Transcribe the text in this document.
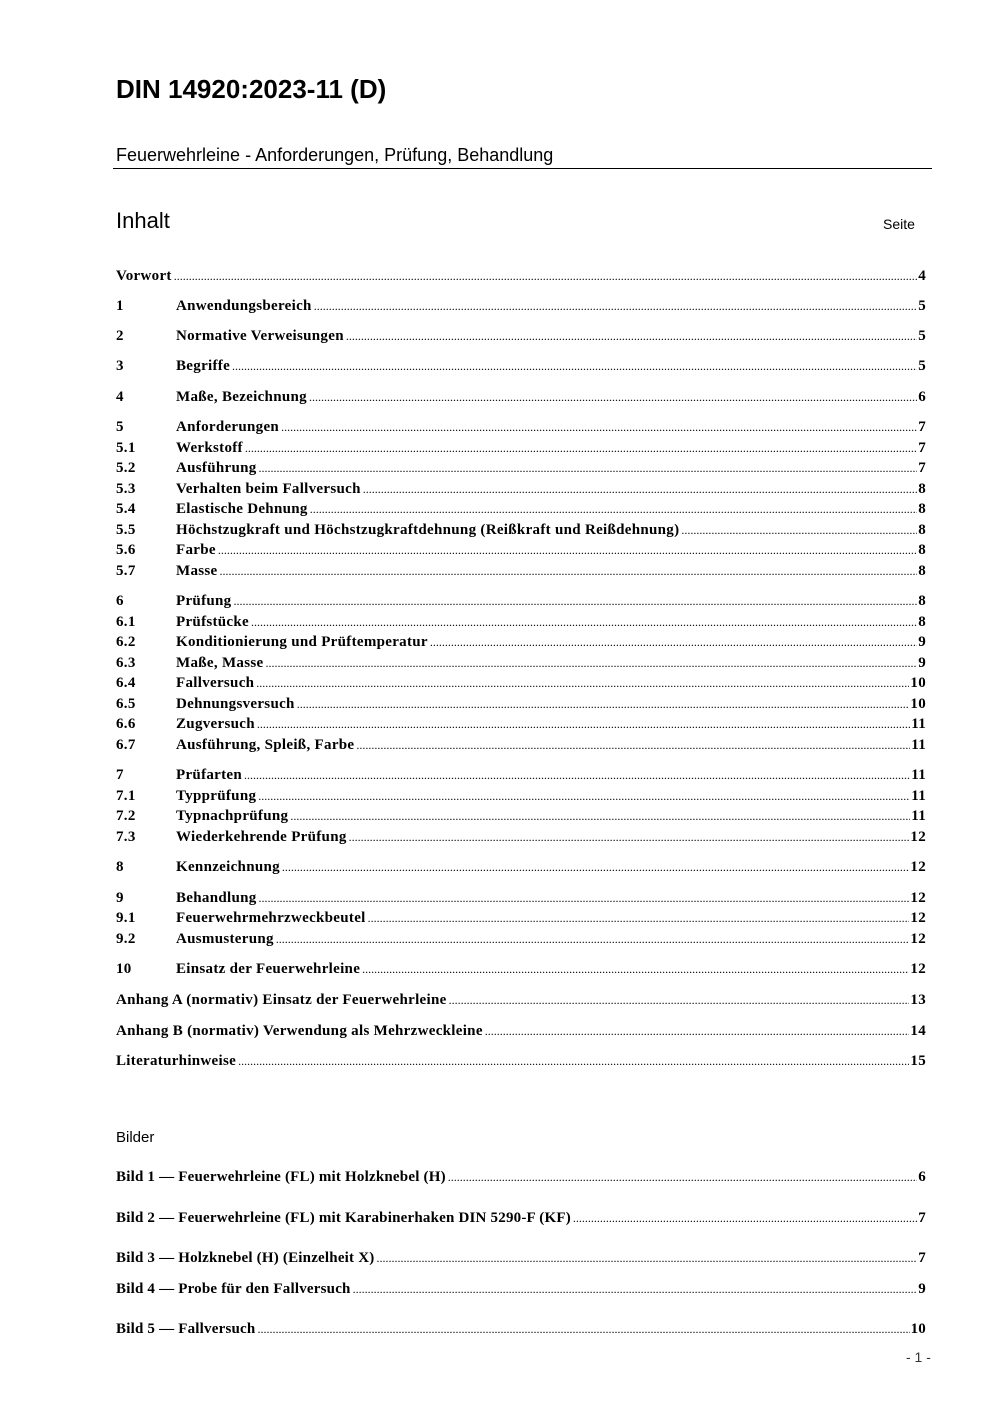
DIN 14920:2023-11 (D)
Feuerwehrleine - Anforderungen, Prüfung, Behandlung
Inhalt	Seite
Vorwort .....	4
1	Anwendungsbereich .....	5
2	Normative Verweisungen .....	5
3	Begriffe .....	5
4	Maße, Bezeichnung .....	6
5	Anforderungen .....	7
5.1	Werkstoff .....	7
5.2	Ausführung .....	7
5.3	Verhalten beim Fallversuch .....	8
5.4	Elastische Dehnung .....	8
5.5	Höchstzugkraft und Höchstzugkraftdehnung (Reißkraft und Reißdehnung) .....	8
5.6	Farbe .....	8
5.7	Masse .....	8
6	Prüfung .....	8
6.1	Prüfstücke .....	8
6.2	Konditionierung und Prüftemperatur .....	9
6.3	Maße, Masse .....	9
6.4	Fallversuch .....	10
6.5	Dehnungsversuch .....	10
6.6	Zugversuch .....	11
6.7	Ausführung, Spleiß, Farbe .....	11
7	Prüfarten .....	11
7.1	Typprüfung .....	11
7.2	Typnachprüfung .....	11
7.3	Wiederkehrende Prüfung .....	12
8	Kennzeichnung .....	12
9	Behandlung .....	12
9.1	Feuerwehrmehrzweckbeutel .....	12
9.2	Ausmusterung .....	12
10	Einsatz der Feuerwehrleine .....	12
Anhang A (normativ) Einsatz der Feuerwehrleine .....	13
Anhang B (normativ) Verwendung als Mehrzweckleine .....	14
Literaturhinweise .....	15
Bilder
Bild 1 — Feuerwehrleine (FL) mit Holzknebel (H) .....	6
Bild 2 — Feuerwehrleine (FL) mit Karabinerhaken DIN 5290-F (KF) .....	7
Bild 3 — Holzknebel (H) (Einzelheit X) .....	7
Bild 4 — Probe für den Fallversuch .....	9
Bild 5 — Fallversuch .....	10
- 1 -
